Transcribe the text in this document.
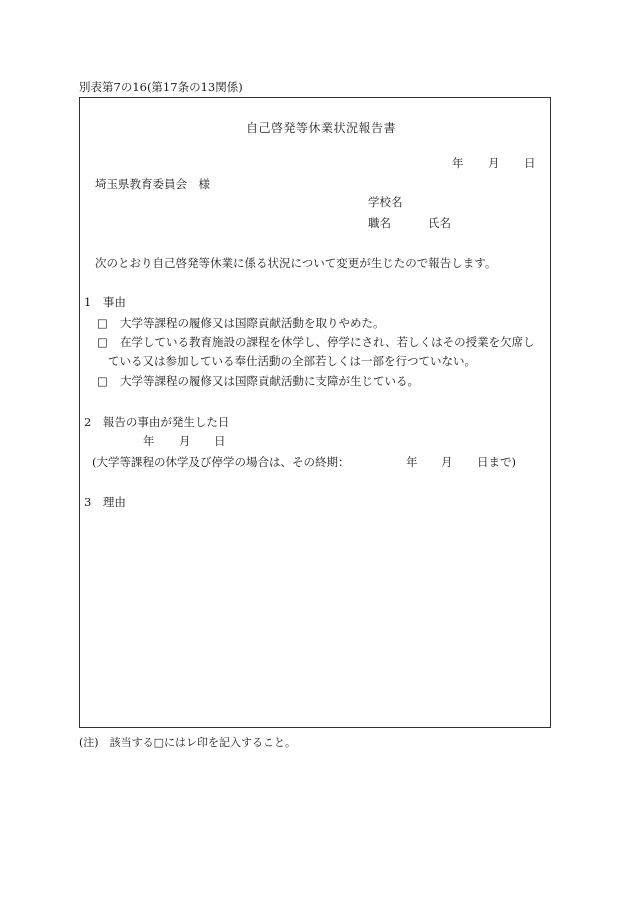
別表第7の16(第17条の13関係)
自己啓発等休業状況報告書
年 月 日
埼玉県教育委員会　様
学校名
職名	氏名
次のとおり自己啓発等休業に係る状況について変更が生じたので報告します。
1　事由
□ 大学等課程の履修又は国際貢献活動を取りやめた。
□ 在学している教育施設の課程を休学し、停学にされ、若しくはその授業を欠席し
ている又は参加している奉仕活動の全部若しくは一部を行つていない。
□ 大学等課程の履修又は国際貢献活動に支障が生じている。
2　報告の事由が発生した日
年 月 日
(大学等課程の休学及び停学の場合は、その終期：	年 月 日まで)
3　理由
(注)　該当する□にはレ印を記入すること。
